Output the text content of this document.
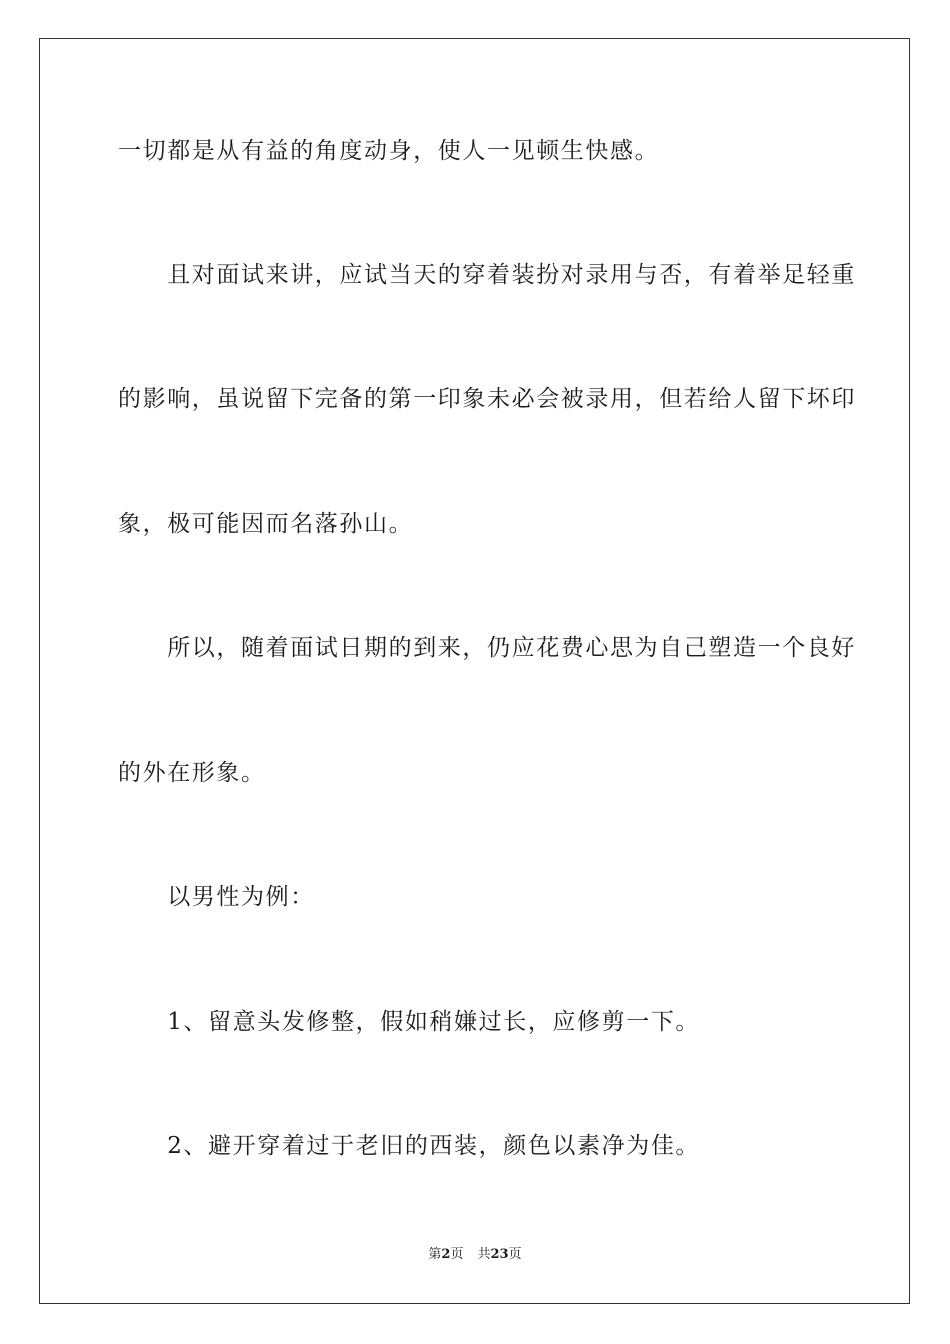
一切都是从有益的角度动身，使人一见顿生快感。
　　且对面试来讲，应试当天的穿着装扮对录用与否，有着举足轻重
的影响，虽说留下完备的第一印象未必会被录用，但若给人留下坏印
象，极可能因而名落孙山。
　　所以，随着面试日期的到来，仍应花费心思为自己塑造一个良好
的外在形象。
　　以男性为例：
　　1、留意头发修整，假如稍嫌过长，应修剪一下。
　　2、避开穿着过于老旧的西装，颜色以素净为佳。
第2页 共23页
